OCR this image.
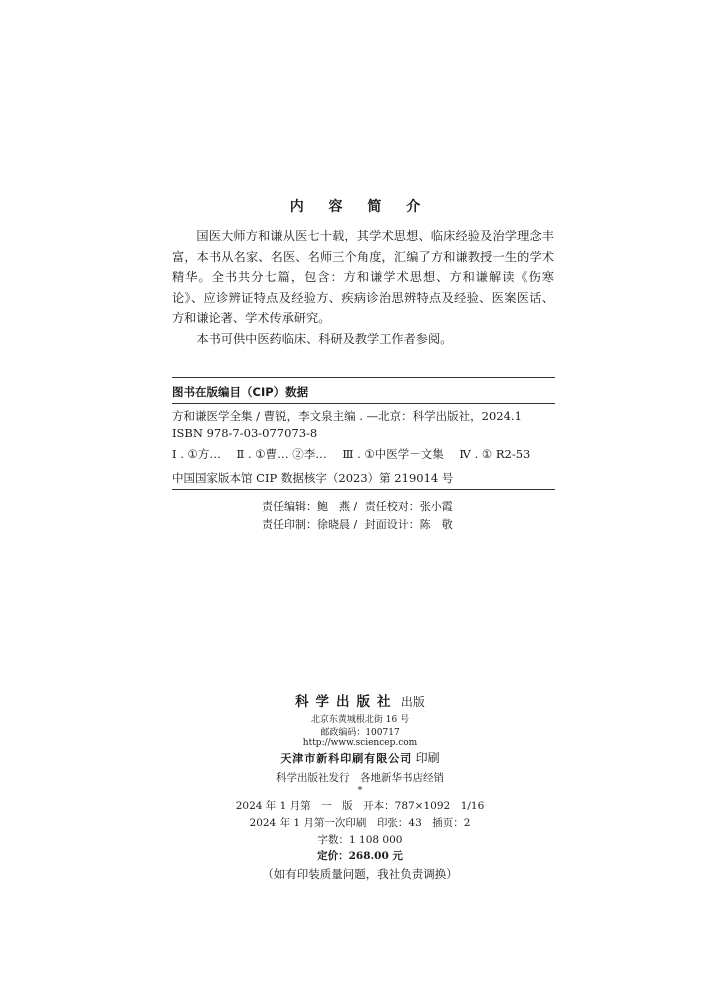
内 容 简 介

国医大师方和谦从医七十载，其学术思想、临床经验及治学理念丰富，本书从名家、名医、名师三个角度，汇编了方和谦教授一生的学术精华。全书共分七篇，包含：方和谦学术思想、方和谦解读《伤寒论》、应诊辨证特点及经验方、疾病诊治思辨特点及经验、医案医话、方和谦论著、学术传承研究。

本书可供中医药临床、科研及教学工作者参阅。

图书在版编目（CIP）数据
方和谦医学全集 / 曹锐，李文泉主编 . —北京：科学出版社，2024.1
ISBN 978-7-03-077073-8
Ⅰ . ①方… Ⅱ . ①曹… ②李… Ⅲ . ①中医学－文集 Ⅳ . ① R2-53
中国国家版本馆 CIP 数据核字（2023）第 219014 号
责任编辑：鲍　燕 / 责任校对：张小霞
责任印制：徐晓晨 / 封面设计：陈　敬
科学出版社 出版
北京东黄城根北街 16 号
邮政编码：100717
http://www.sciencep.com
天津市新科印刷有限公司 印刷
科学出版社发行　各地新华书店经销
*
2024 年 1 月第　一　版　开本：787×1092　1/16
2024 年 1 月第一次印刷　印张：43　插页：2
字数：1 108 000
定价：268.00 元
（如有印装质量问题，我社负责调换）
